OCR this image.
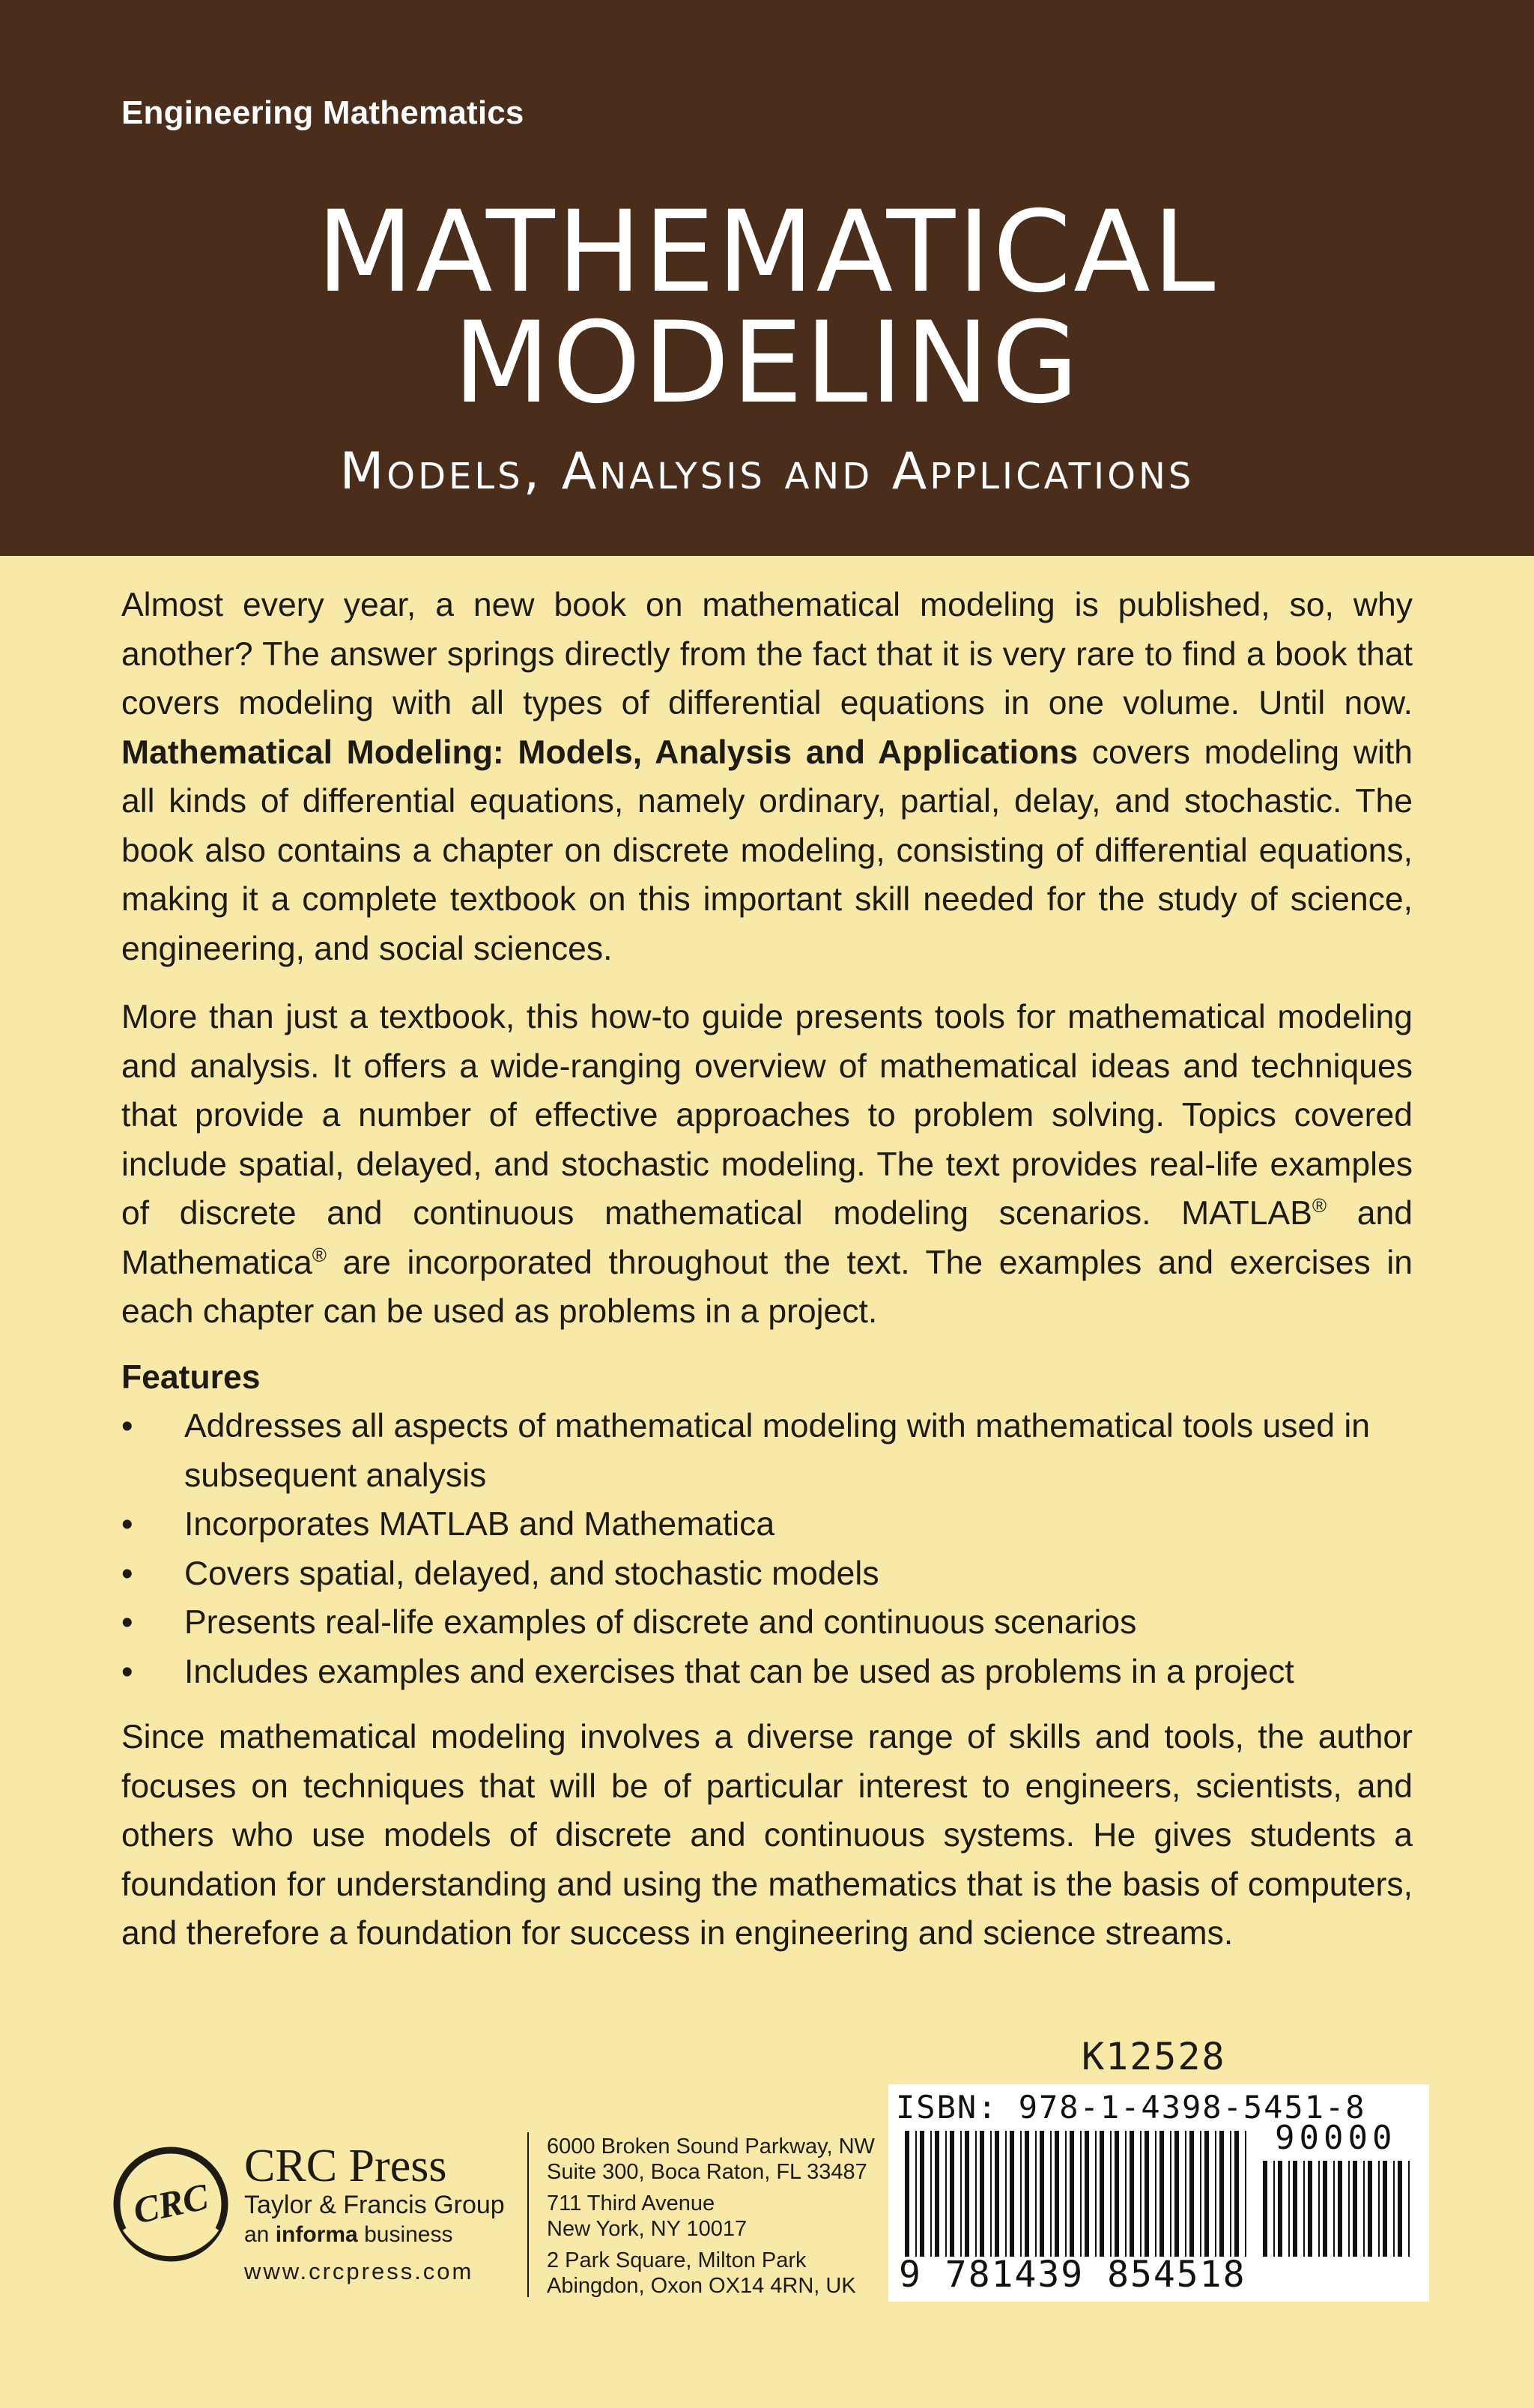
Engineering Mathematics
MATHEMATICAL
MODELING
Models, Analysis and Applications

Almost every year, a new book on mathematical modeling is published, so, why another? The answer springs directly from the fact that it is very rare to find a book that covers modeling with all types of differential equations in one volume. Until now. Mathematical Modeling: Models, Analysis and Applications covers modeling with all kinds of differential equations, namely ordinary, partial, delay, and stochastic. The book also contains a chapter on discrete modeling, consisting of differential equations, making it a complete textbook on this important skill needed for the study of science, engineering, and social sciences.

More than just a textbook, this how-to guide presents tools for mathematical modeling and analysis. It offers a wide-ranging overview of mathematical ideas and techniques that provide a number of effective approaches to problem solving. Topics covered include spatial, delayed, and stochastic modeling. The text provides real-life examples of discrete and continuous mathematical modeling scenarios. MATLAB® and Mathematica® are incorporated throughout the text. The examples and exercises in each chapter can be used as problems in a project.

Features

• Addresses all aspects of mathematical modeling with mathematical tools used in subsequent analysis
• Incorporates MATLAB and Mathematica
• Covers spatial, delayed, and stochastic models
• Presents real-life examples of discrete and continuous scenarios
• Includes examples and exercises that can be used as problems in a project

Since mathematical modeling involves a diverse range of skills and tools, the author focuses on techniques that will be of particular interest to engineers, scientists, and others who use models of discrete and continuous systems. He gives students a foundation for understanding and using the mathematics that is the basis of computers, and therefore a foundation for success in engineering and science streams.

CRC
CRC Press
Taylor & Francis Group
an informa business
www.crcpress.com
6000 Broken Sound Parkway, NW
Suite 300, Boca Raton, FL 33487
711 Third Avenue
New York, NY 10017
2 Park Square, Milton Park
Abingdon, Oxon OX14 4RN, UK
K12528
ISBN: 978-1-4398-5451-8
90000
9 781439 854518
